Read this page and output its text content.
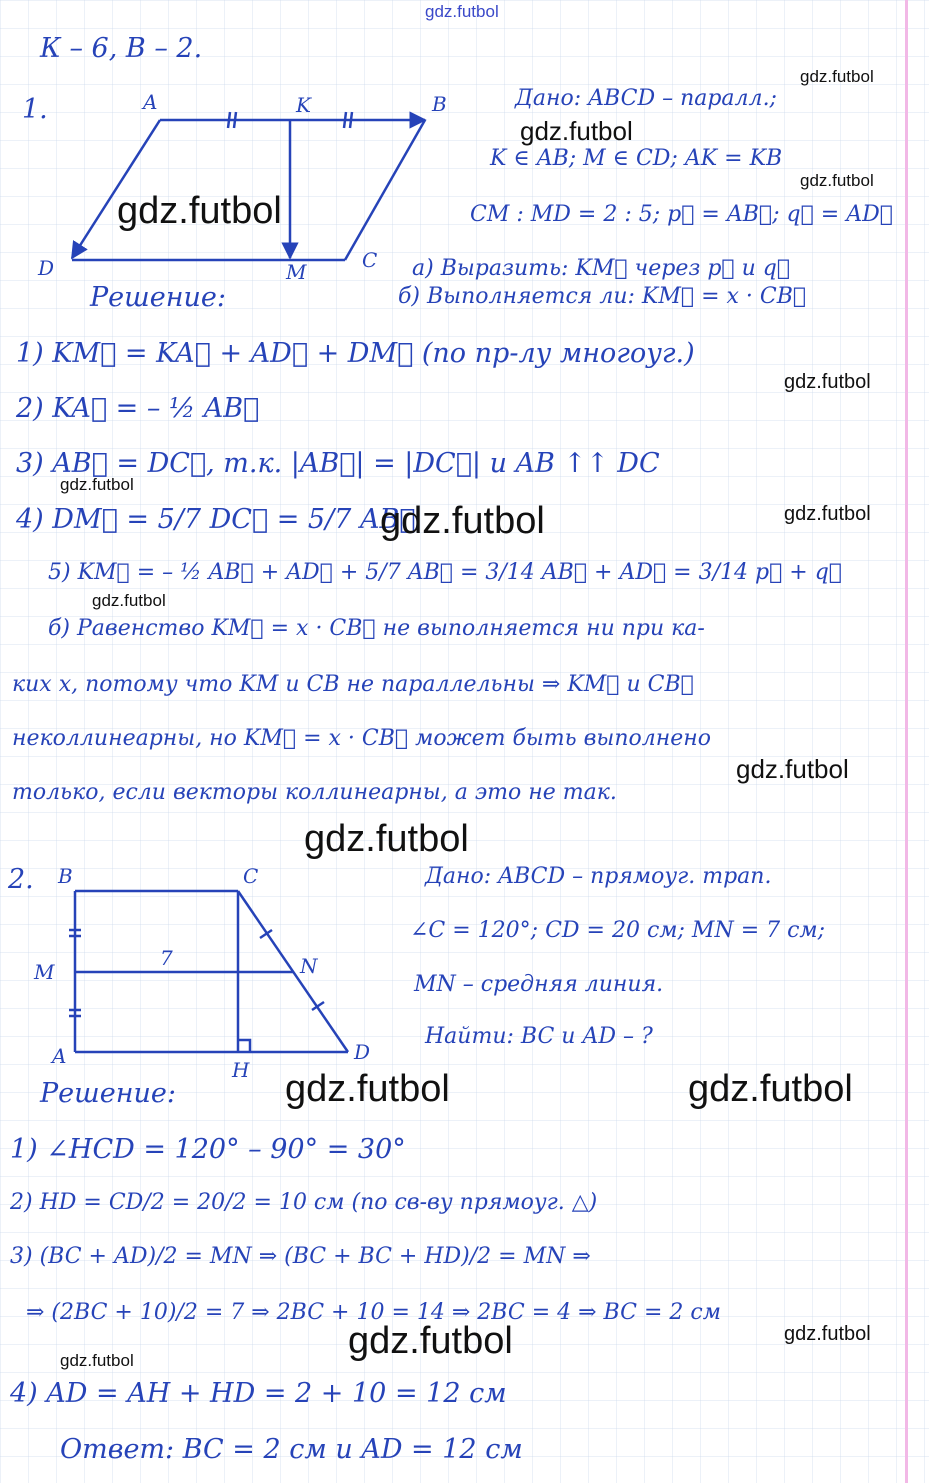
gdz.futbol
К – 6, В – 2.
1.	A	K	B
D	M	C
Дано: ABCD – паралл.;
K ∈ AB; M ∈ CD; AK = KB
CM : MD = 2 : 5; p⃗ = AB⃗; q⃗ = AD⃗
а) Выразить: KM⃗ через p⃗ и q⃗
б) Выполняется ли: KM⃗ = x · CB⃗
Решение:
1) KM⃗ = KA⃗ + AD⃗ + DM⃗ (по пр-лу многоуг.)
2) KA⃗ = – ½ AB⃗
3) AB⃗ = DC⃗, т.к. |AB⃗| = |DC⃗| и AB ↑↑ DC
4) DM⃗ = 5/7 DC⃗ = 5/7 AB⃗
5) KM⃗ = – ½ AB⃗ + AD⃗ + 5/7 AB⃗ = 3/14 AB⃗ + AD⃗ = 3/14 p⃗ + q⃗
б) Равенство KM⃗ = x · CB⃗ не выполняется ни при ка-
ких x, потому что KM и CB не параллельны ⇒ KM⃗ и CB⃗
неколлинеарны, но KM⃗ = x · CB⃗ может быть выполнено
только, если векторы коллинеарны, а это не так.
2. B	C
M
7	N
A
H
D
Дано: ABCD – прямоуг. трап.
∠C = 120°; CD = 20 см; MN = 7 см;
MN – средняя линия.
Найти: BC и AD – ?
Решение:
1) ∠HCD = 120° – 90° = 30°
2) HD = CD/2 = 20/2 = 10 см (по св-ву прямоуг. △)
3) (BC + AD)/2 = MN ⇒ (BC + BC + HD)/2 = MN ⇒
⇒ (2BC + 10)/2 = 7 ⇒ 2BC + 10 = 14 ⇒ 2BC = 4 ⇒ BC = 2 см
4) AD = AH + HD = 2 + 10 = 12 см
Ответ: BC = 2 см и AD = 12 см
gdz.futbol
gdz.futbol
gdz.futbol
gdz.futbol
gdz.futbol
gdz.futbol
gdz.futbol	gdz.futbol
gdz.futbol
gdz.futbol
gdz.futbol
gdz.futbol	gdz.futbol
gdz.futbol
gdz.futbol
gdz.futbol
